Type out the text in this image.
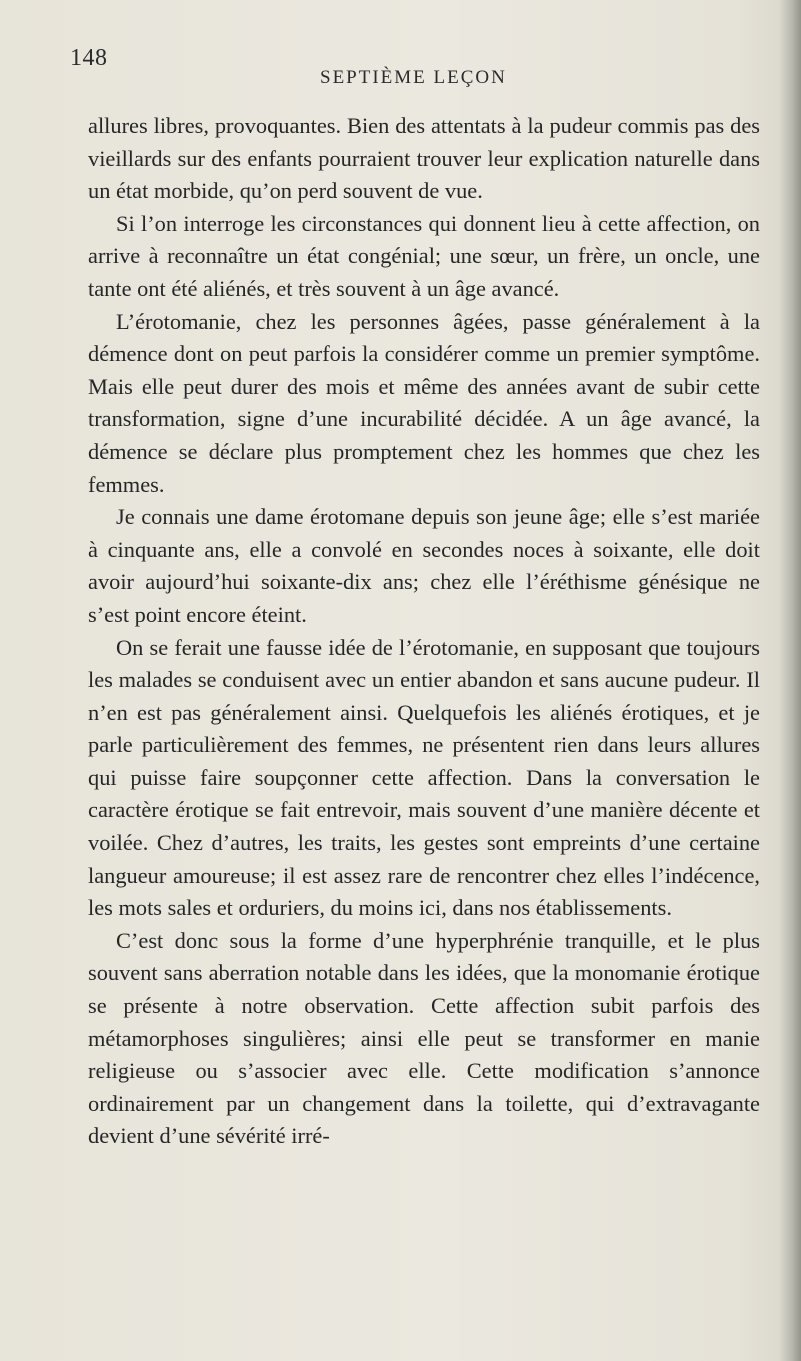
148
SEPTIÈME LEÇON

allures libres, provoquantes. Bien des attentats à la pudeur commis pas des vieillards sur des enfants pourraient trouver leur explication naturelle dans un état morbide, qu’on perd souvent de vue.

Si l’on interroge les circonstances qui donnent lieu à cette affection, on arrive à reconnaître un état congénial; une sœur, un frère, un oncle, une tante ont été aliénés, et très souvent à un âge avancé.

L’érotomanie, chez les personnes âgées, passe généralement à la démence dont on peut parfois la considérer comme un premier symptôme. Mais elle peut durer des mois et même des années avant de subir cette transformation, signe d’une incurabilité décidée. A un âge avancé, la démence se déclare plus promptement chez les hommes que chez les femmes.

Je connais une dame érotomane depuis son jeune âge; elle s’est mariée à cinquante ans, elle a convolé en secondes noces à soixante, elle doit avoir aujourd’hui soixante-dix ans; chez elle l’éréthisme génésique ne s’est point encore éteint.

On se ferait une fausse idée de l’érotomanie, en supposant que toujours les malades se conduisent avec un entier abandon et sans aucune pudeur. Il n’en est pas généralement ainsi. Quelquefois les aliénés érotiques, et je parle particulièrement des femmes, ne présentent rien dans leurs allures qui puisse faire soupçonner cette affection. Dans la conversation le caractère érotique se fait entrevoir, mais souvent d’une manière décente et voilée. Chez d’autres, les traits, les gestes sont empreints d’une certaine langueur amoureuse; il est assez rare de rencontrer chez elles l’indécence, les mots sales et orduriers, du moins ici, dans nos établissements.

C’est donc sous la forme d’une hyperphrénie tranquille, et le plus souvent sans aberration notable dans les idées, que la monomanie érotique se présente à notre observation. Cette affection subit parfois des métamorphoses singulières; ainsi elle peut se transformer en manie religieuse ou s’associer avec elle. Cette modification s’annonce ordinairement par un changement dans la toilette, qui d’extravagante devient d’une sévérité irré-
